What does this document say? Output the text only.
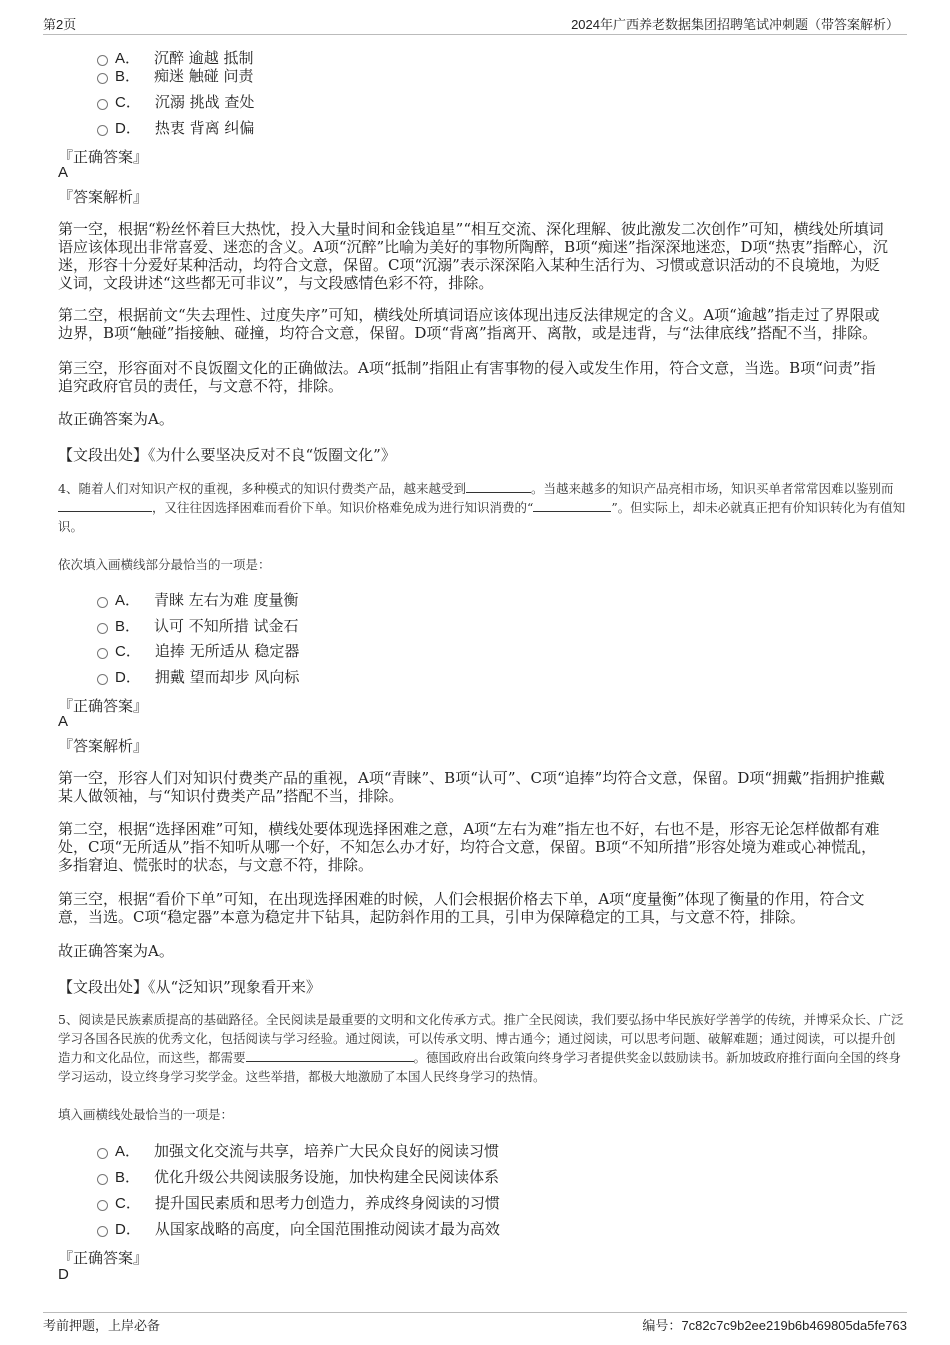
第2页	2024年广西养老数据集团招聘笔试冲刺题（带答案解析）
A． 沉醉 逾越 抵制
B． 痴迷 触碰 问责
C． 沉溺 挑战 查处
D． 热衷 背离 纠偏
『正确答案』
A
『答案解析』

第一空，根据“粉丝怀着巨大热忱，投入大量时间和金钱追星”“相互交流、深化理解、彼此激发二次创作”可知，横线处所填词语应该体现出非常喜爱、迷恋的含义。A项“沉醉”比喻为美好的事物所陶醉，B项“痴迷”指深深地迷恋，D项“热衷”指醉心，沉迷，形容十分爱好某种活动，均符合文意，保留。C项“沉溺”表示深深陷入某种生活行为、习惯或意识活动的不良境地，为贬义词，文段讲述“这些都无可非议”，与文段感情色彩不符，排除。

第二空，根据前文“失去理性、过度失序”可知，横线处所填词语应该体现出违反法律规定的含义。A项“逾越”指走过了界限或边界，B项“触碰”指接触、碰撞，均符合文意，保留。D项“背离”指离开、离散，或是违背，与“法律底线”搭配不当，排除。

第三空，形容面对不良饭圈文化的正确做法。A项“抵制”指阻止有害事物的侵入或发生作用，符合文意，当选。B项“问责”指追究政府官员的责任，与文意不符，排除。

故正确答案为A。

【文段出处】《为什么要坚决反对不良“饭圈文化”》

4、随着人们对知识产权的重视，多种模式的知识付费类产品，越来越受到	。当越来越多的知识产品亮相市场，知识买单者常常因难以鉴别而，又往往因选择困难而看价下单。知识价格难免成为进行知识消费的“	”。但实际上，却未必就真正把有价知识转化为有值知识。

依次填入画横线部分最恰当的一项是：
A． 青睐 左右为难 度量衡
B． 认可 不知所措 试金石
C． 追捧 无所适从 稳定器
D． 拥戴 望而却步 风向标
『正确答案』
A
『答案解析』

第一空，形容人们对知识付费类产品的重视，A项“青睐”、B项“认可”、C项“追捧”均符合文意，保留。D项“拥戴”指拥护推戴某人做领袖，与“知识付费类产品”搭配不当，排除。

第二空，根据“选择困难”可知，横线处要体现选择困难之意，A项“左右为难”指左也不好，右也不是，形容无论怎样做都有难处，C项“无所适从”指不知听从哪一个好，不知怎么办才好，均符合文意，保留。B项“不知所措”形容处境为难或心神慌乱，多指窘迫、慌张时的状态，与文意不符，排除。

第三空，根据“看价下单”可知，在出现选择困难的时候，人们会根据价格去下单，A项“度量衡”体现了衡量的作用，符合文意，当选。C项“稳定器”本意为稳定井下钻具，起防斜作用的工具，引申为保障稳定的工具，与文意不符，排除。

故正确答案为A。

【文段出处】《从“泛知识”现象看开来》

5、阅读是民族素质提高的基础路径。全民阅读是最重要的文明和文化传承方式。推广全民阅读，我们要弘扬中华民族好学善学的传统，并博采众长、广泛学习各国各民族的优秀文化，包括阅读与学习经验。通过阅读，可以传承文明、博古通今；通过阅读，可以思考问题、破解难题；通过阅读，可以提升创造力和文化品位，而这些，都需要	。德国政府出台政策向终身学习者提供奖金以鼓励读书。新加坡政府推行面向全国的终身学习运动，设立终身学习奖学金。这些举措，都极大地激励了本国人民终身学习的热情。

填入画横线处最恰当的一项是：
A． 加强文化交流与共享，培养广大民众良好的阅读习惯
B． 优化升级公共阅读服务设施，加快构建全民阅读体系
C． 提升国民素质和思考力创造力，养成终身阅读的习惯
D． 从国家战略的高度，向全国范围推动阅读才最为高效
『正确答案』
D
考前押题，上岸必备	编号：7c82c7c9b2ee219b6b469805da5fe763
